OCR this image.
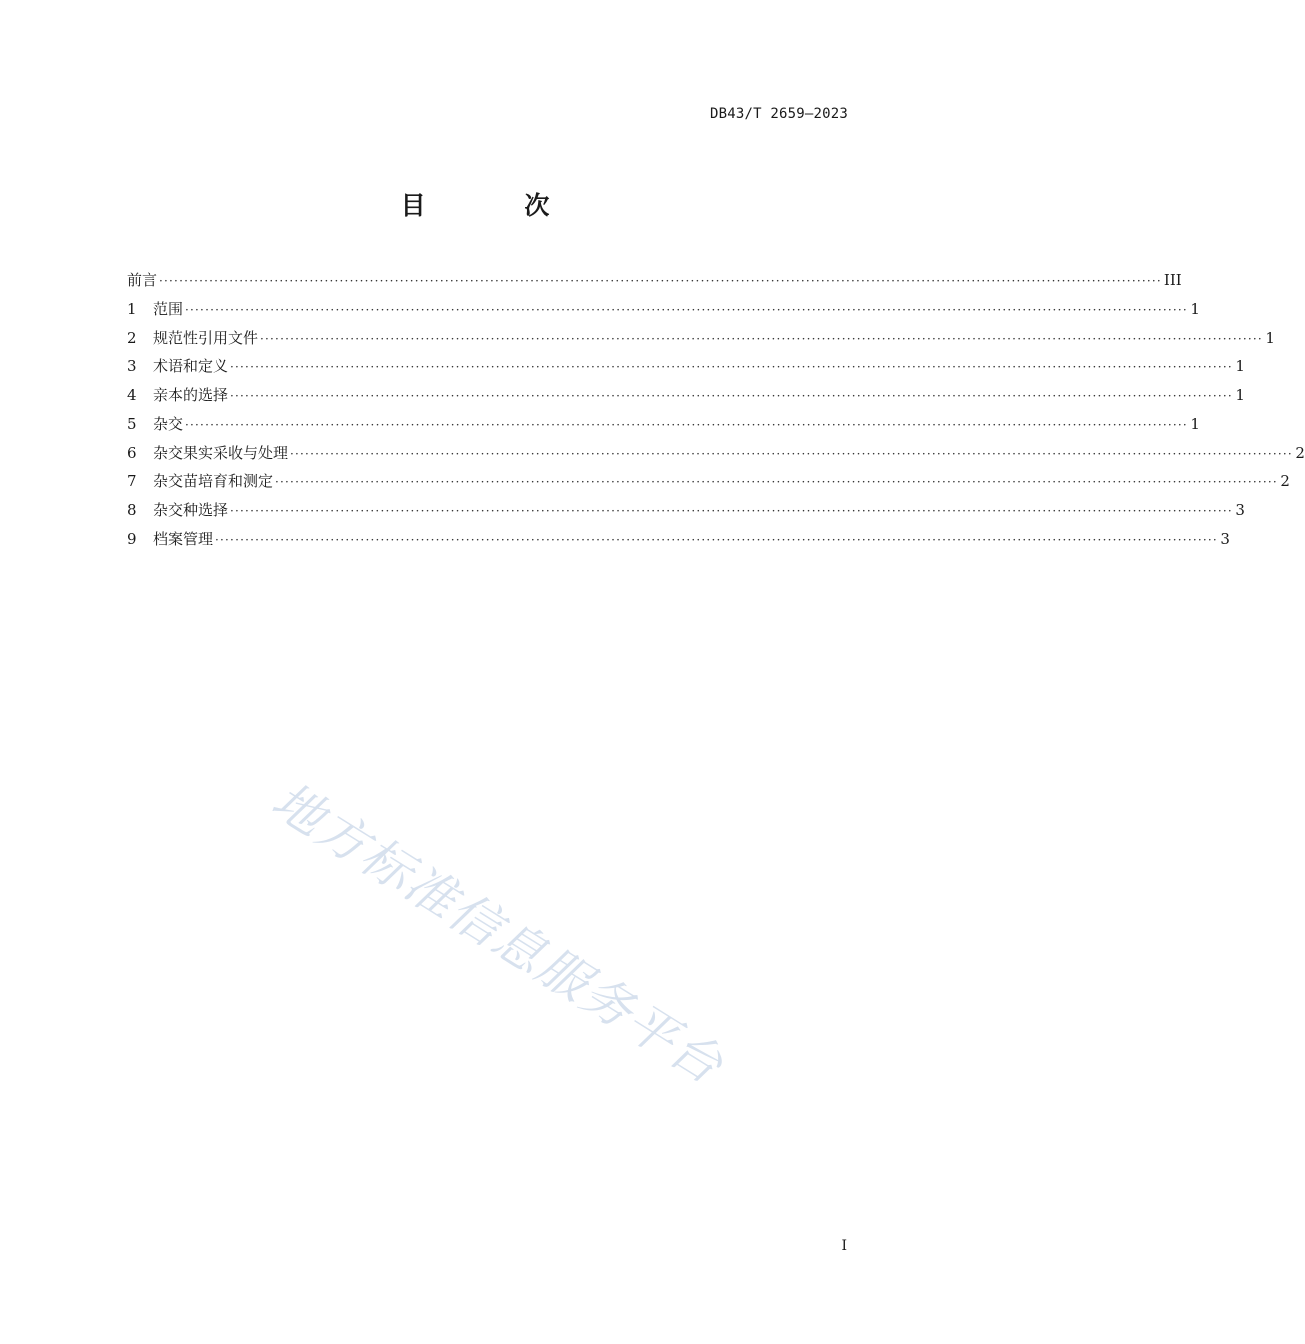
DB43/T 2659—2023
目 次
前言 ········································································································································································································ III
1	范围 ········································································································································································································ 1
2	规范性引用文件 ········································································································································································································ 1
3	术语和定义 ········································································································································································································ 1
4	亲本的选择 ········································································································································································································ 1
5	杂交 ········································································································································································································ 1
6	杂交果实采收与处理 ········································································································································································································ 2
7	杂交苗培育和测定 ········································································································································································································ 2
8	杂交种选择 ········································································································································································································ 3
9	档案管理 ········································································································································································································ 3
地方标准信息服务平台
I
